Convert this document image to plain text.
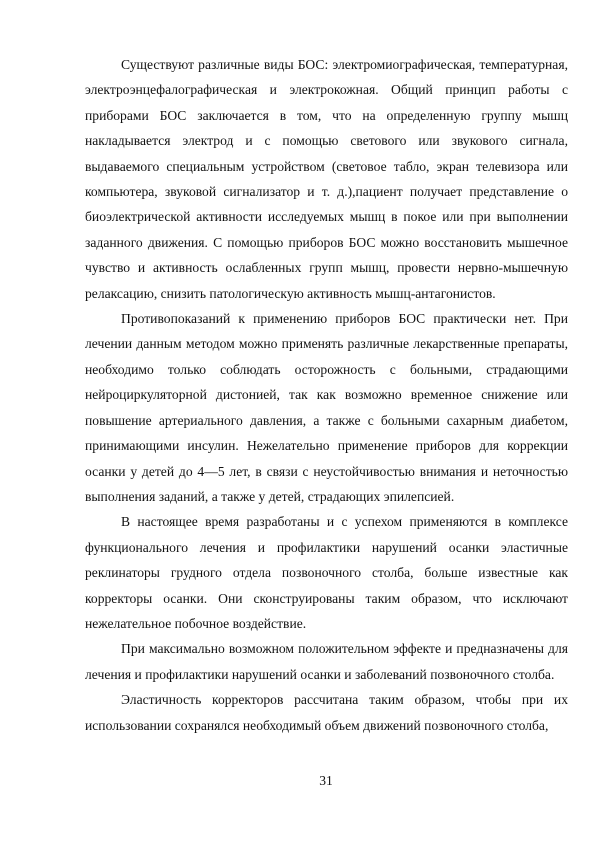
Существуют различные виды БОС: электромиографическая, температурная, электроэнцефалографическая и электрокожная. Общий принцип работы с приборами БОС заключается в том, что на определенную группу мышц накладывается электрод и с помощью светового или звукового сигнала, выдаваемого специальным устройством (световое табло, экран телевизора или компьютера, звуковой сигнализатор и т. д.),пациент получает представление о биоэлектрической активности исследуемых мышц в покое или при выполнении заданного движения. С помощью приборов БОС можно восстановить мышечное чувство и активность ослабленных групп мышц, провести нервно-мышечную релаксацию, снизить патологическую активность мышц-антагонистов.

Противопоказаний к применению приборов БОС практически нет. При лечении данным методом можно применять различные лекарственные препараты, необходимо только соблюдать осторожность с больными, страдающими нейроциркуляторной дистонией, так как возможно временное снижение или повышение артериального давления, а также с больными сахарным диабетом, принимающими инсулин. Нежелательно применение приборов для коррекции осанки у детей до 4—5 лет, в связи с неустойчивостью внимания и неточностью выполнения заданий, а также у детей, страдающих эпилепсией.

В настоящее время разработаны и с успехом применяются в комплексе функционального лечения и профилактики нарушений осанки эластичные реклинаторы грудного отдела позвоночного столба, больше известные как корректоры осанки. Они сконструированы таким образом, что исключают нежелательное побочное воздействие.

При максимально возможном положительном эффекте и предназначены для лечения и профилактики нарушений осанки и заболеваний позвоночного столба.

Эластичность корректоров рассчитана таким образом, чтобы при их использовании сохранялся необходимый объем движений позвоночного столба,

31
